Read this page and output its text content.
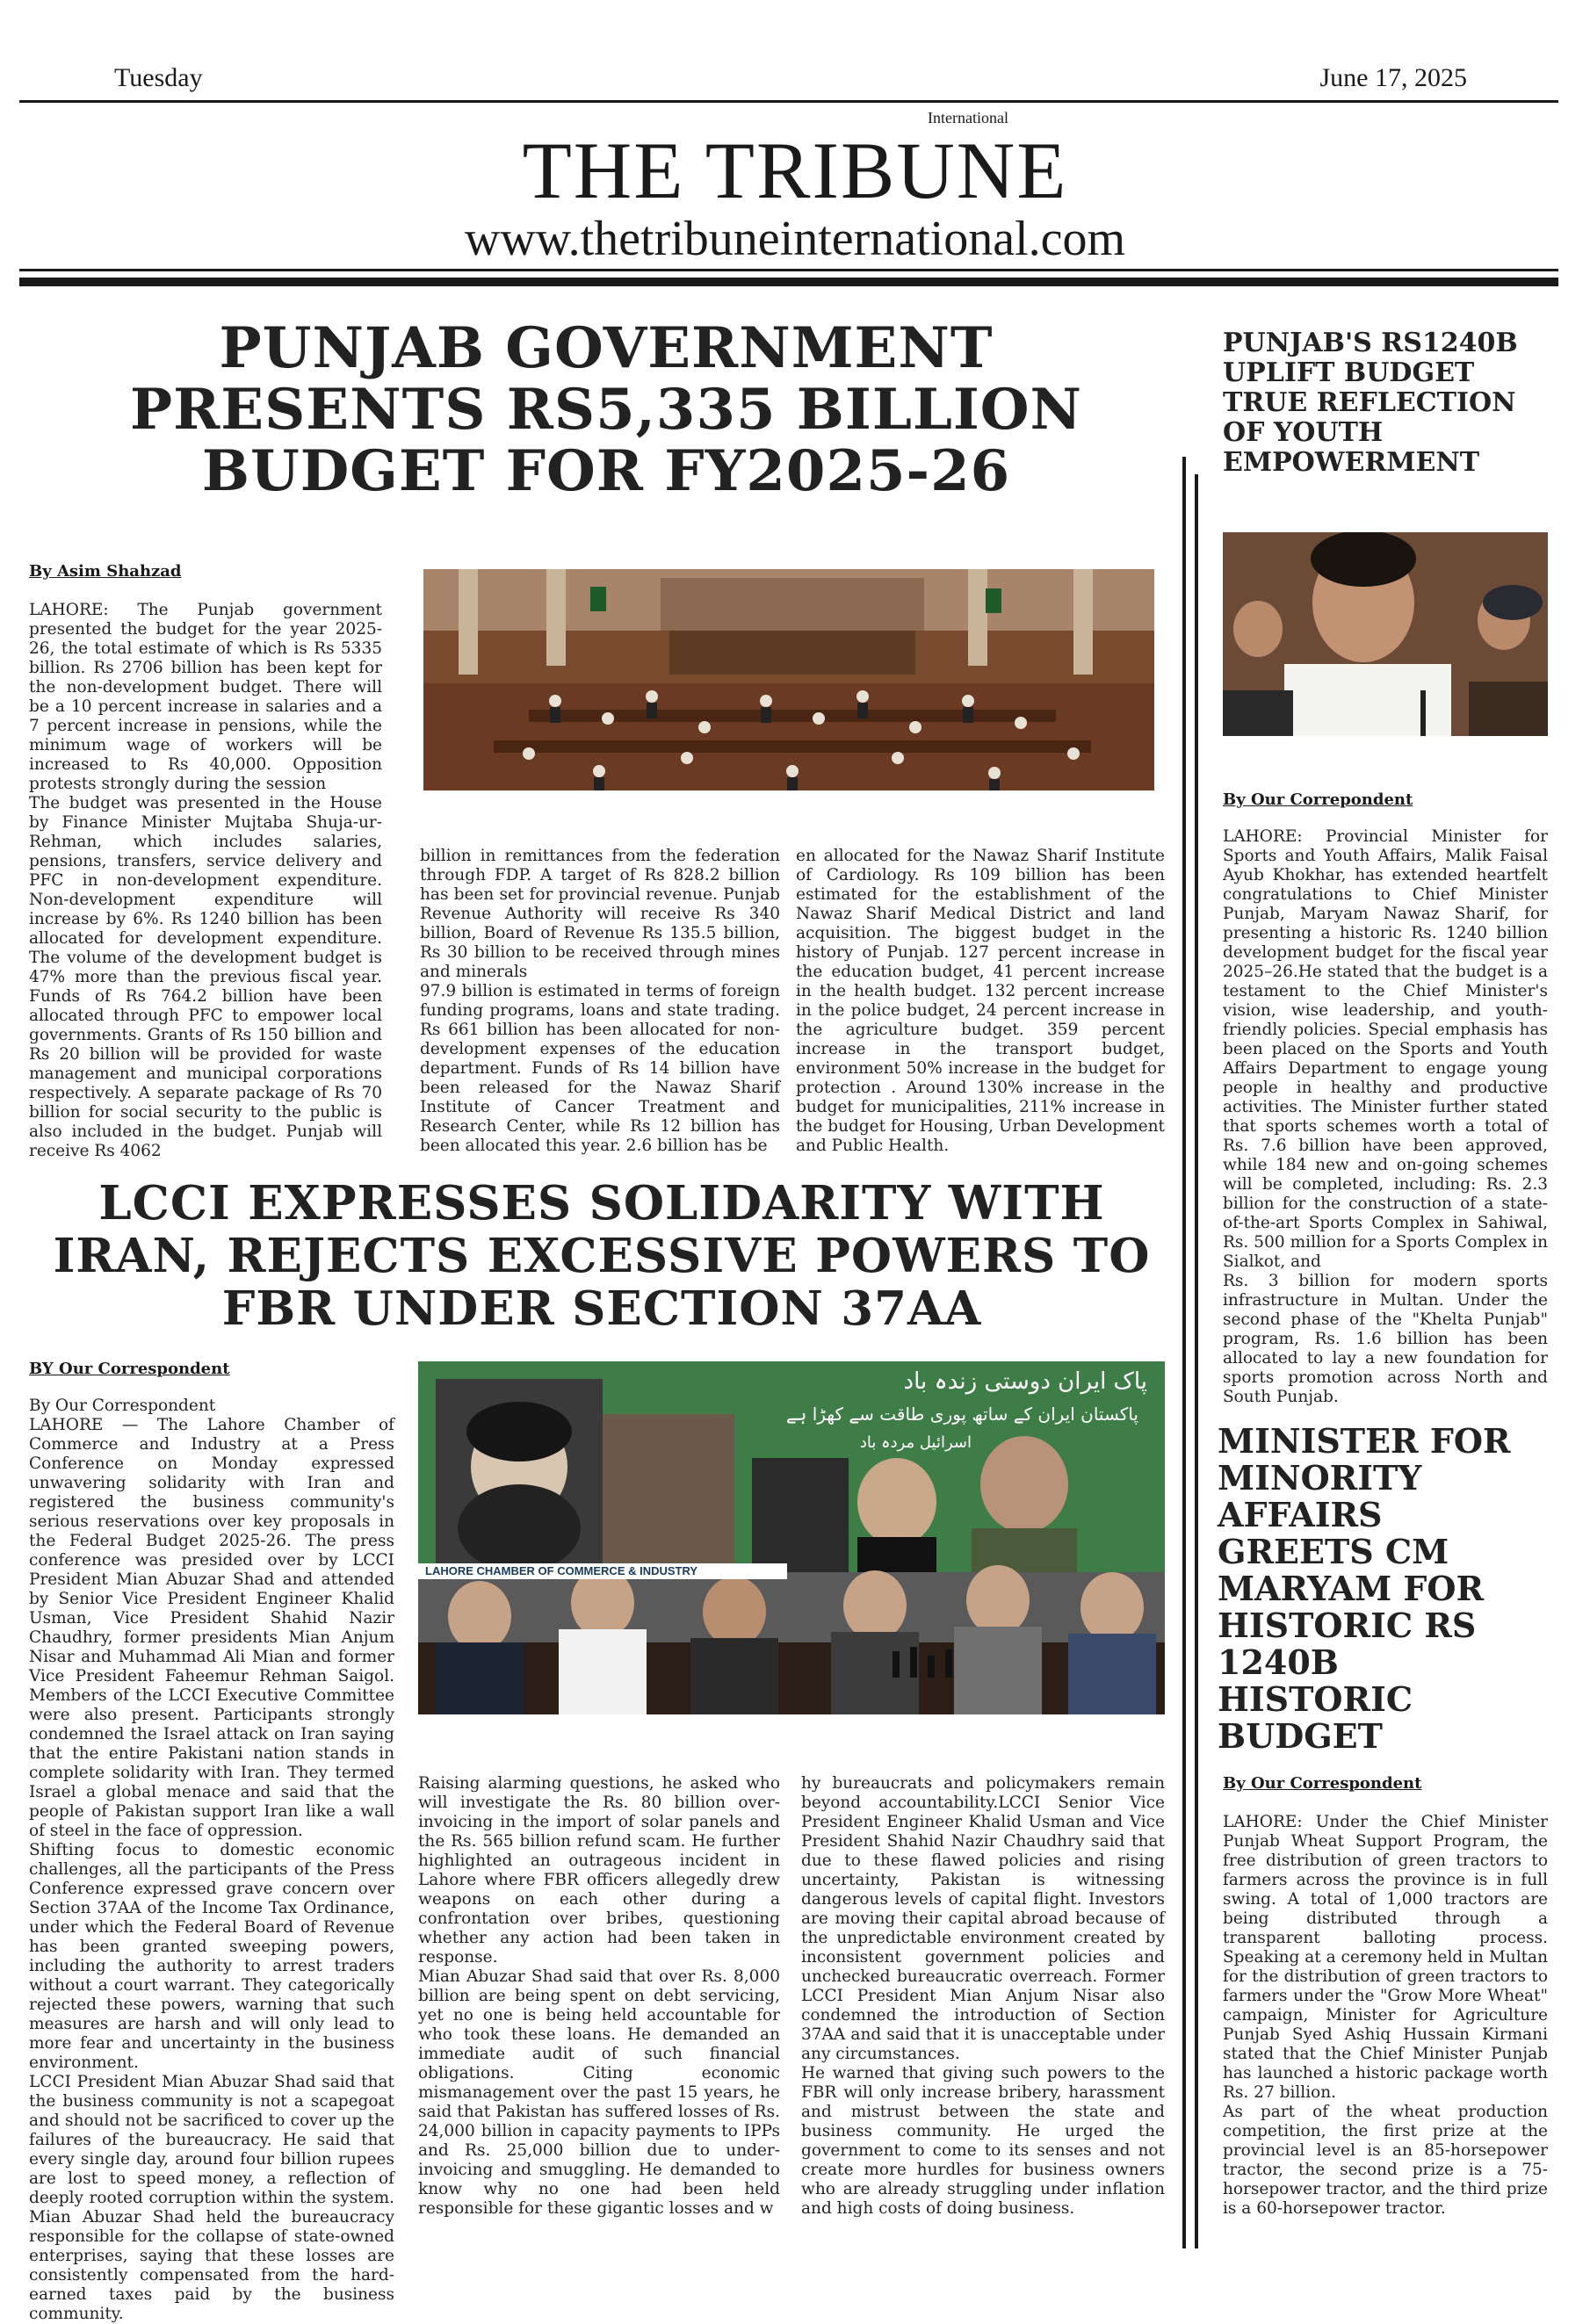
Tuesday	June 17, 2025
International
THE TRIBUNE
www.thetribuneinternational.com
PUNJAB GOVERNMENT PRESENTS RS5,335 BILLION BUDGET FOR FY2025-26
By Asim Shahzad
LAHORE: The Punjab government presented the budget for the year 2025-26, the total estimate of which is Rs 5335 billion. Rs 2706 billion has been kept for the non-development budget. There will be a 10 percent increase in salaries and a 7 percent increase in pensions, while the minimum wage of workers will be increased to Rs 40,000. Opposition protests strongly during the session
The budget was presented in the House by Finance Minister Mujtaba Shuja-ur-Rehman, which includes salaries, pensions, transfers, service delivery and PFC in non-development expenditure. Non-development expenditure will increase by 6%. Rs 1240 billion has been allocated for development expenditure. The volume of the development budget is 47% more than the previous fiscal year. Funds of Rs 764.2 billion have been allocated through PFC to empower local governments. Grants of Rs 150 billion and Rs 20 billion will be provided for waste management and municipal corporations respectively. A separate package of Rs 70 billion for social security to the public is also included in the budget. Punjab will receive Rs 4062
billion in remittances from the federation through FDP. A target of Rs 828.2 billion has been set for provincial revenue. Punjab Revenue Authority will receive Rs 340 billion, Board of Revenue Rs 135.5 billion, Rs 30 billion to be received through mines and minerals
97.9 billion is estimated in terms of foreign funding programs, loans and state trading. Rs 661 billion has been allocated for non-development expenses of the education department. Funds of Rs 14 billion have been released for the Nawaz Sharif Institute of Cancer Treatment and Research Center, while Rs 12 billion has been allocated this year. 2.6 billion has be
en allocated for the Nawaz Sharif Institute of Cardiology. Rs 109 billion has been estimated for the establishment of the Nawaz Sharif Medical District and land acquisition. The biggest budget in the history of Punjab. 127 percent increase in the education budget, 41 percent increase in the health budget. 132 percent increase in the police budget, 24 percent increase in the agriculture budget. 359 percent increase in the transport budget, environment 50% increase in the budget for protection . Around 130% increase in the budget for municipalities, 211% increase in the budget for Housing, Urban Development and Public Health.
LCCI EXPRESSES SOLIDARITY WITH IRAN, REJECTS EXCESSIVE POWERS TO FBR UNDER SECTION 37AA
BY Our Correspondent
By Our Correspondent
LAHORE — The Lahore Chamber of Commerce and Industry at a Press Conference on Monday expressed unwavering solidarity with Iran and registered the business community's serious reservations over key proposals in the Federal Budget 2025-26. The press conference was presided over by LCCI President Mian Abuzar Shad and attended by Senior Vice President Engineer Khalid Usman, Vice President Shahid Nazir Chaudhry, former presidents Mian Anjum Nisar and Muhammad Ali Mian and former Vice President Faheemur Rehman Saigol. Members of the LCCI Executive Committee were also present. Participants strongly condemned the Israel attack on Iran saying that the entire Pakistani nation stands in complete solidarity with Iran. They termed Israel a global menace and said that the people of Pakistan support Iran like a wall of steel in the face of oppression.
Shifting focus to domestic economic challenges, all the participants of the Press Conference expressed grave concern over Section 37AA of the Income Tax Ordinance, under which the Federal Board of Revenue has been granted sweeping powers, including the authority to arrest traders without a court warrant. They categorically rejected these powers, warning that such measures are harsh and will only lead to more fear and uncertainty in the business environment.
LCCI President Mian Abuzar Shad said that the business community is not a scapegoat and should not be sacrificed to cover up the failures of the bureaucracy. He said that every single day, around four billion rupees are lost to speed money, a reflection of deeply rooted corruption within the system. Mian Abuzar Shad held the bureaucracy responsible for the collapse of state-owned enterprises, saying that these losses are consistently compensated from the hard-earned taxes paid by the business community.
پاک ایران دوستی زندہ باد
پاکستان ایران کے ساتھ پوری طاقت سے کھڑا ہے
اسرائیل مردہ باد
LAHORE CHAMBER OF COMMERCE & INDUSTRY
Raising alarming questions, he asked who will investigate the Rs. 80 billion over-invoicing in the import of solar panels and the Rs. 565 billion refund scam. He further highlighted an outrageous incident in Lahore where FBR officers allegedly drew weapons on each other during a confrontation over bribes, questioning whether any action had been taken in response.
Mian Abuzar Shad said that over Rs. 8,000 billion are being spent on debt servicing, yet no one is being held accountable for who took these loans. He demanded an immediate audit of such financial obligations. Citing economic mismanagement over the past 15 years, he said that Pakistan has suffered losses of Rs. 24,000 billion in capacity payments to IPPs and Rs. 25,000 billion due to under-invoicing and smuggling. He demanded to know why no one had been held responsible for these gigantic losses and w
hy bureaucrats and policymakers remain beyond accountability.LCCI Senior Vice President Engineer Khalid Usman and Vice President Shahid Nazir Chaudhry said that due to these flawed policies and rising uncertainty, Pakistan is witnessing dangerous levels of capital flight. Investors are moving their capital abroad because of the unpredictable environment created by inconsistent government policies and unchecked bureaucratic overreach. Former LCCI President Mian Anjum Nisar also condemned the introduction of Section 37AA and said that it is unacceptable under any circumstances.
He warned that giving such powers to the FBR will only increase bribery, harassment and mistrust between the state and business community. He urged the government to come to its senses and not create more hurdles for business owners who are already struggling under inflation and high costs of doing business.
PUNJAB'S RS1240B UPLIFT BUDGET TRUE REFLECTION OF YOUTH EMPOWERMENT
By Our Correpondent
LAHORE: Provincial Minister for Sports and Youth Affairs, Malik Faisal Ayub Khokhar, has extended heartfelt congratulations to Chief Minister Punjab, Maryam Nawaz Sharif, for presenting a historic Rs. 1240 billion development budget for the fiscal year 2025–26.He stated that the budget is a testament to the Chief Minister's vision, wise leadership, and youth-friendly policies. Special emphasis has been placed on the Sports and Youth Affairs Department to engage young people in healthy and productive activities. The Minister further stated that sports schemes worth a total of Rs. 7.6 billion have been approved, while 184 new and on-going schemes will be completed, including: Rs. 2.3 billion for the construction of a state-of-the-art Sports Complex in Sahiwal, Rs. 500 million for a Sports Complex in Sialkot, and
Rs. 3 billion for modern sports infrastructure in Multan. Under the second phase of the "Khelta Punjab" program, Rs. 1.6 billion has been allocated to lay a new foundation for sports promotion across North and South Punjab.
MINISTER FOR MINORITY AFFAIRS GREETS CM MARYAM FOR HISTORIC RS 1240B HISTORIC BUDGET
By Our Correspondent
LAHORE: Under the Chief Minister Punjab Wheat Support Program, the free distribution of green tractors to farmers across the province is in full swing. A total of 1,000 tractors are being distributed through a transparent balloting process. Speaking at a ceremony held in Multan for the distribution of green tractors to farmers under the "Grow More Wheat" campaign, Minister for Agriculture Punjab Syed Ashiq Hussain Kirmani stated that the Chief Minister Punjab has launched a historic package worth Rs. 27 billion.
As part of the wheat production competition, the first prize at the provincial level is an 85-horsepower tractor, the second prize is a 75-horsepower tractor, and the third prize is a 60-horsepower tractor.
